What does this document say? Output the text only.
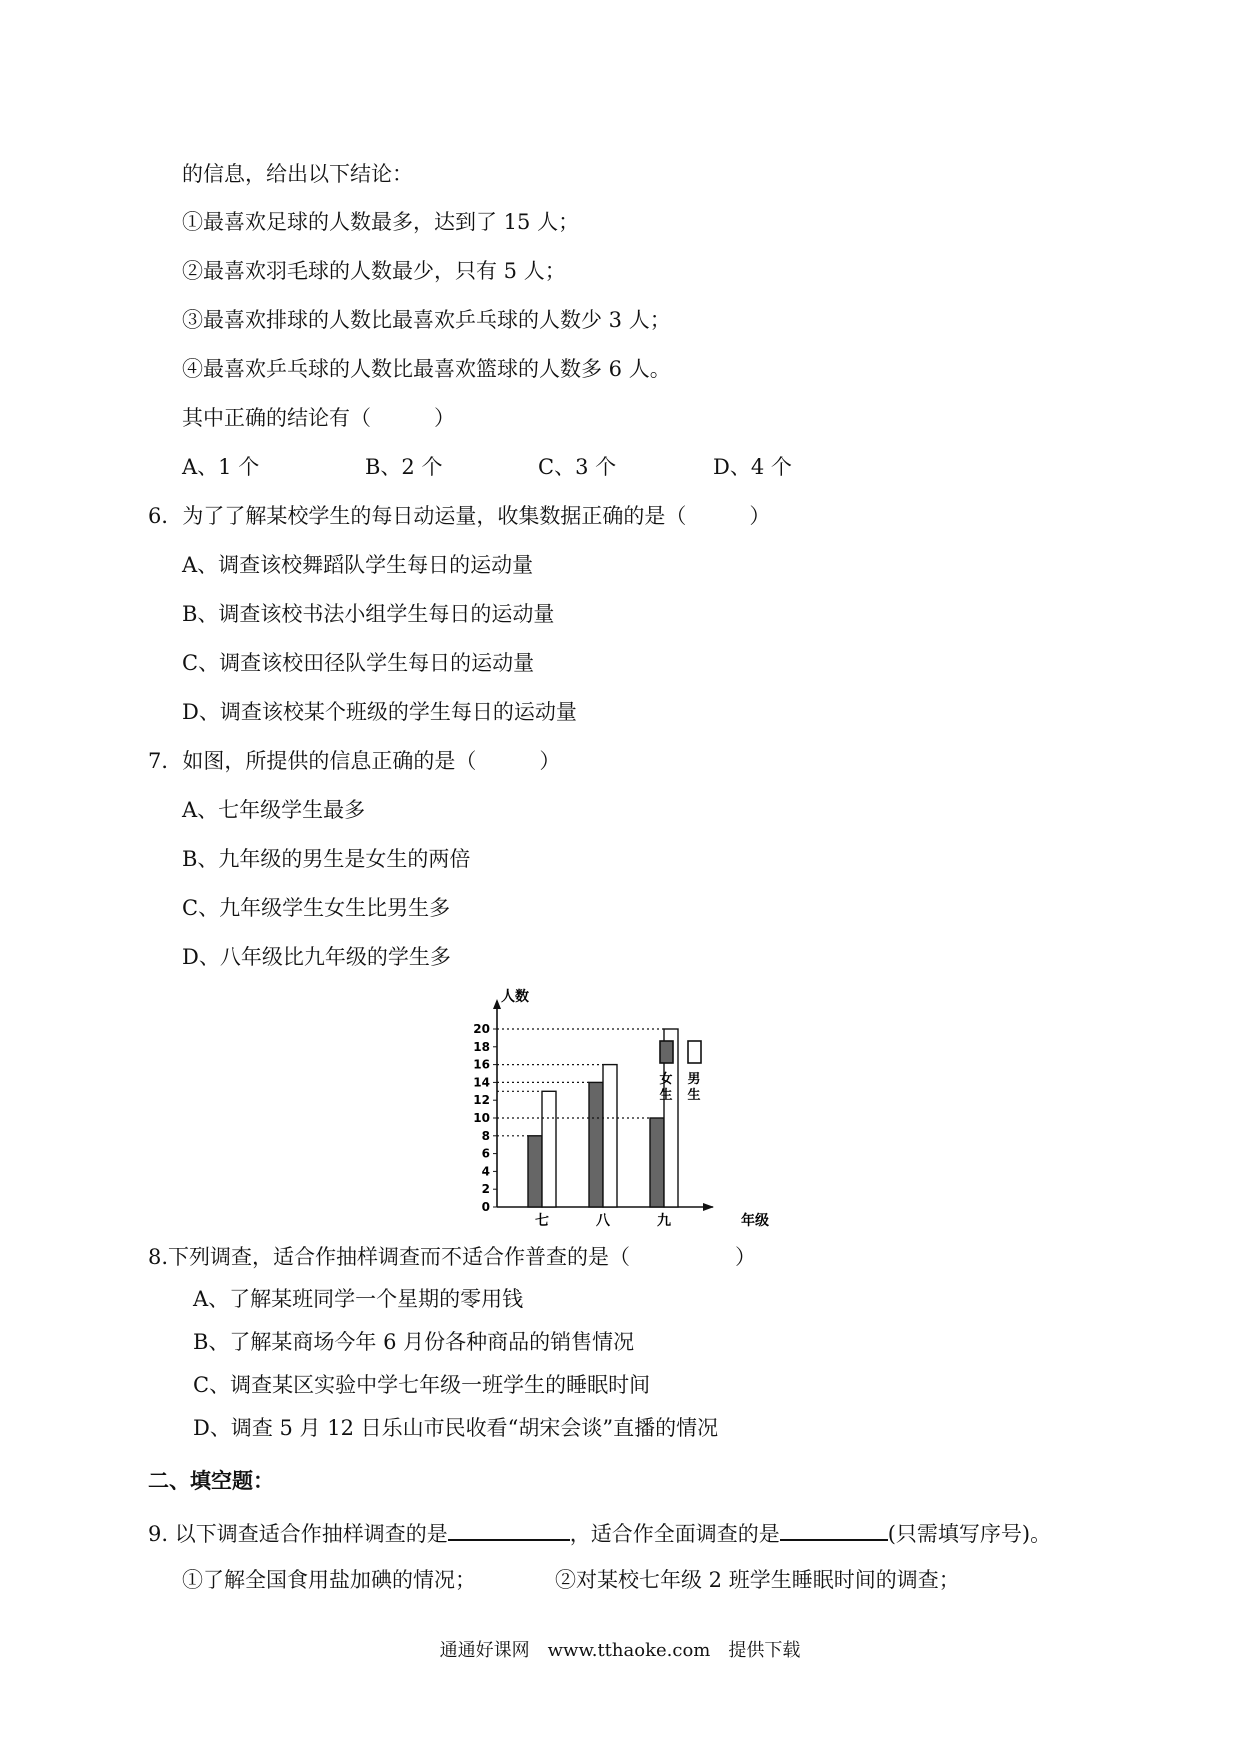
的信息，给出以下结论：
①最喜欢足球的人数最多，达到了 15 人；
②最喜欢羽毛球的人数最少，只有 5 人；
③最喜欢排球的人数比最喜欢乒乓球的人数少 3 人；
④最喜欢乒乓球的人数比最喜欢篮球的人数多 6 人。
其中正确的结论有（　　　）
A、1 个	B、2 个	C、3 个	D、4 个
6．为了了解某校学生的每日动运量，收集数据正确的是（　　　）
A、调查该校舞蹈队学生每日的运动量
B、调查该校书法小组学生每日的运动量
C、调查该校田径队学生每日的运动量
D、调查该校某个班级的学生每日的运动量
7．如图，所提供的信息正确的是（　　　）
A、七年级学生最多
B、九年级的男生是女生的两倍
C、九年级学生女生比男生多
D、八年级比九年级的学生多
0
2
4
6
8
10
12
14
16
18
20
人数
年级
七	八	九
女
生
男
生
8.下列调查，适合作抽样调查而不适合作普查的是（　　　　　）
A、了解某班同学一个星期的零用钱
B、了解某商场今年 6 月份各种商品的销售情况
C、调查某区实验中学七年级一班学生的睡眠时间
D、调查 5 月 12 日乐山市民收看“胡宋会谈”直播的情况
二、填空题：
9. 以下调查适合作抽样调查的是	，适合作全面调查的是	(只需填写序号)。
①了解全国食用盐加碘的情况；	②对某校七年级 2 班学生睡眠时间的调查；
通通好课网　www.tthaoke.com　提供下载
